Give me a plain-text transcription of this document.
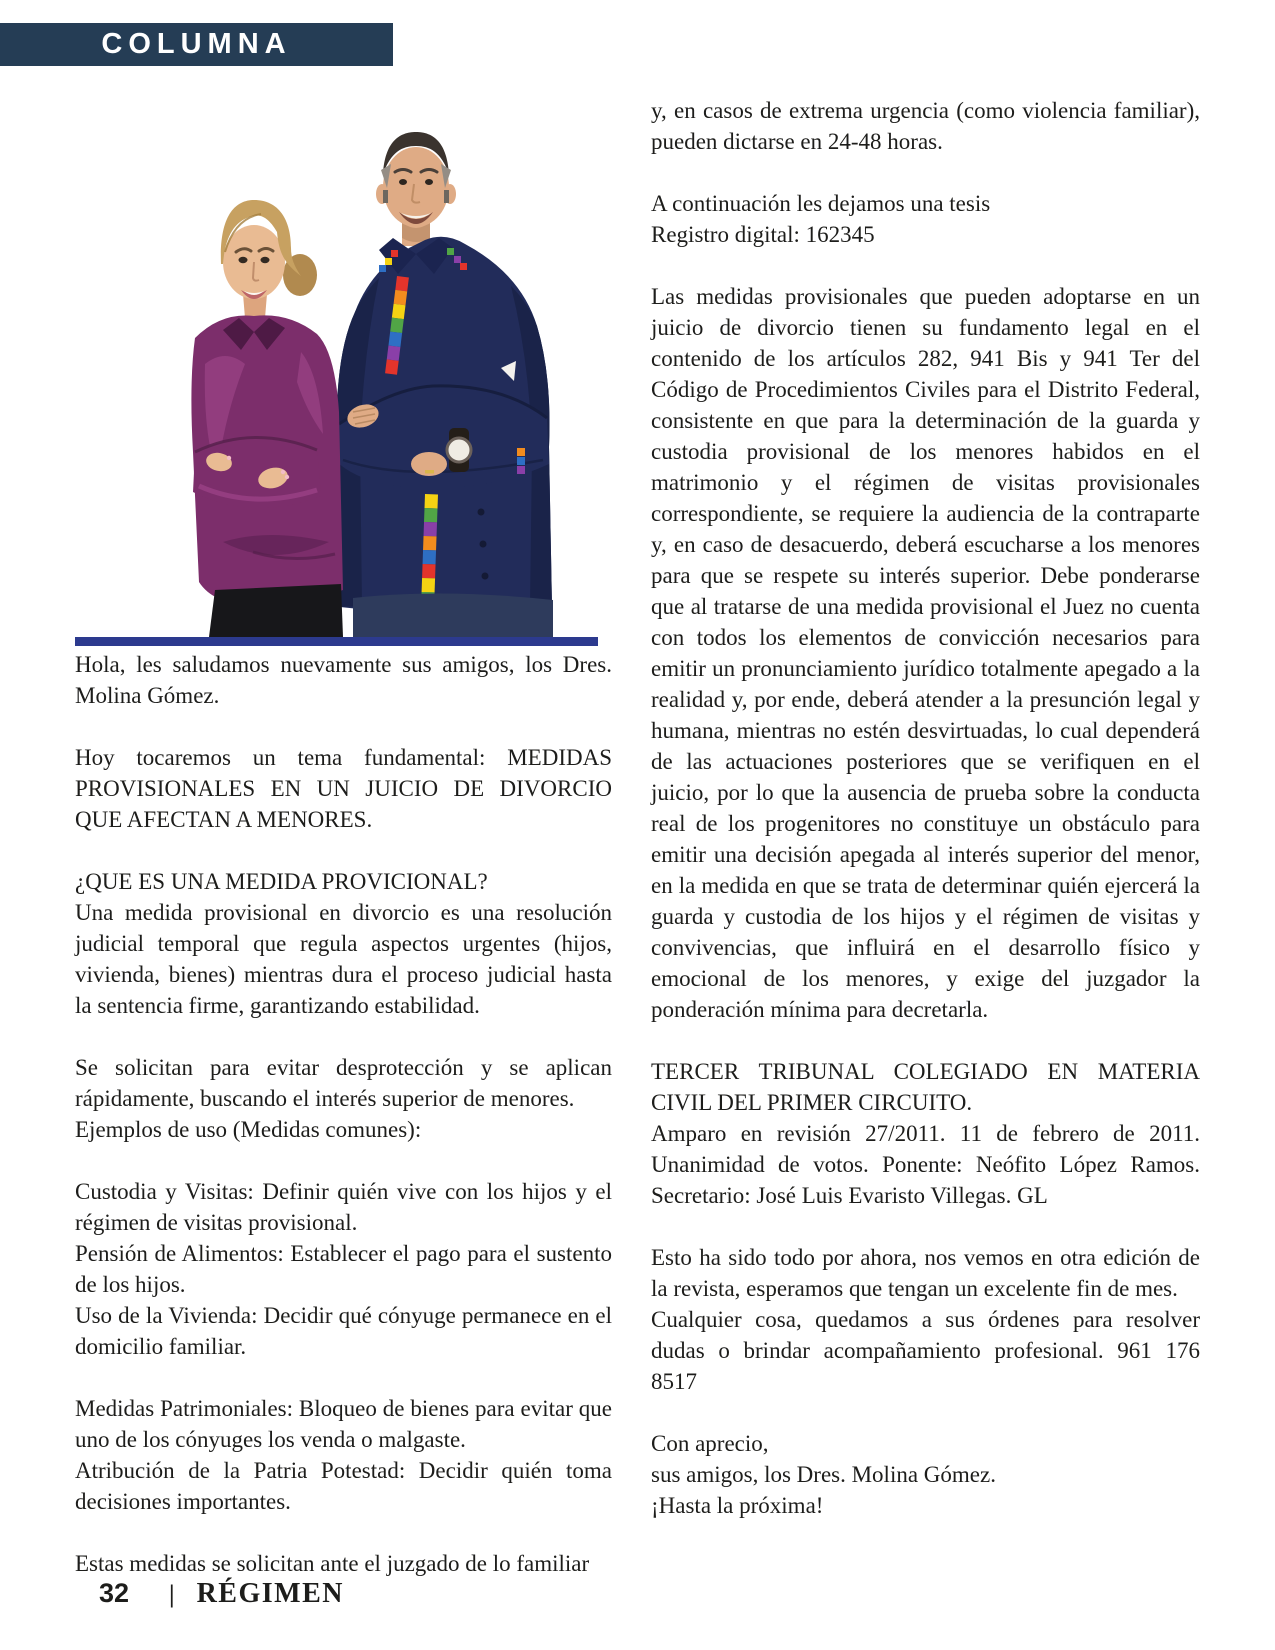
COLUMNA

Hola, les saludamos nuevamente sus amigos, los Dres. Molina Gómez.

Hoy tocaremos un tema fundamental: MEDIDAS PROVISIONALES EN UN JUICIO DE DIVORCIO QUE AFECTAN A MENORES.

¿QUE ES UNA MEDIDA PROVICIONAL?

Una medida provisional en divorcio es una resolución judicial temporal que regula aspectos urgentes (hijos, vivienda, bienes) mientras dura el proceso judicial hasta la sentencia firme, garantizando estabilidad.

Se solicitan para evitar desprotección y se aplican rápidamente, buscando el interés superior de menores.

Ejemplos de uso (Medidas comunes):

Custodia y Visitas: Definir quién vive con los hijos y el régimen de visitas provisional.

Pensión de Alimentos: Establecer el pago para el sustento de los hijos.

Uso de la Vivienda: Decidir qué cónyuge permanece en el domicilio familiar.

Medidas Patrimoniales: Bloqueo de bienes para evitar que uno de los cónyuges los venda o malgaste.

Atribución de la Patria Potestad: Decidir quién toma decisiones importantes.

Estas medidas se solicitan ante el juzgado de lo familiar

y, en casos de extrema urgencia (como violencia familiar), pueden dictarse en 24-48 horas.

A continuación les dejamos una tesis

Registro digital: 162345

Las medidas provisionales que pueden adoptarse en un juicio de divorcio tienen su fundamento legal en el contenido de los artículos 282, 941 Bis y 941 Ter del Código de Procedimientos Civiles para el Distrito Federal, consistente en que para la determinación de la guarda y custodia provisional de los menores habidos en el matrimonio y el régimen de visitas provisionales correspondiente, se requiere la audiencia de la contraparte y, en caso de desacuerdo, deberá escucharse a los menores para que se respete su interés superior. Debe ponderarse que al tratarse de una medida provisional el Juez no cuenta con todos los elementos de convicción necesarios para emitir un pronunciamiento jurídico totalmente apegado a la realidad y, por ende, deberá atender a la presunción legal y humana, mientras no estén desvirtuadas, lo cual dependerá de las actuaciones posteriores que se verifiquen en el juicio, por lo que la ausencia de prueba sobre la conducta real de los progenitores no constituye un obstáculo para emitir una decisión apegada al interés superior del menor, en la medida en que se trata de determinar quién ejercerá la guarda y custodia de los hijos y el régimen de visitas y convivencias, que influirá en el desarrollo físico y emocional de los menores, y exige del juzgador la ponderación mínima para decretarla.

TERCER TRIBUNAL COLEGIADO EN MATERIA CIVIL DEL PRIMER CIRCUITO.

Amparo en revisión 27/2011. 11 de febrero de 2011. Unanimidad de votos. Ponente: Neófito López Ramos. Secretario: José Luis Evaristo Villegas. GL

Esto ha sido todo por ahora, nos vemos en otra edición de la revista, esperamos que tengan un excelente fin de mes.

Cualquier cosa, quedamos a sus órdenes para resolver dudas o brindar acompañamiento profesional. 961 176 8517

Con aprecio,

sus amigos, los Dres. Molina Gómez.

¡Hasta la próxima!

32 | RÉGIMEN
